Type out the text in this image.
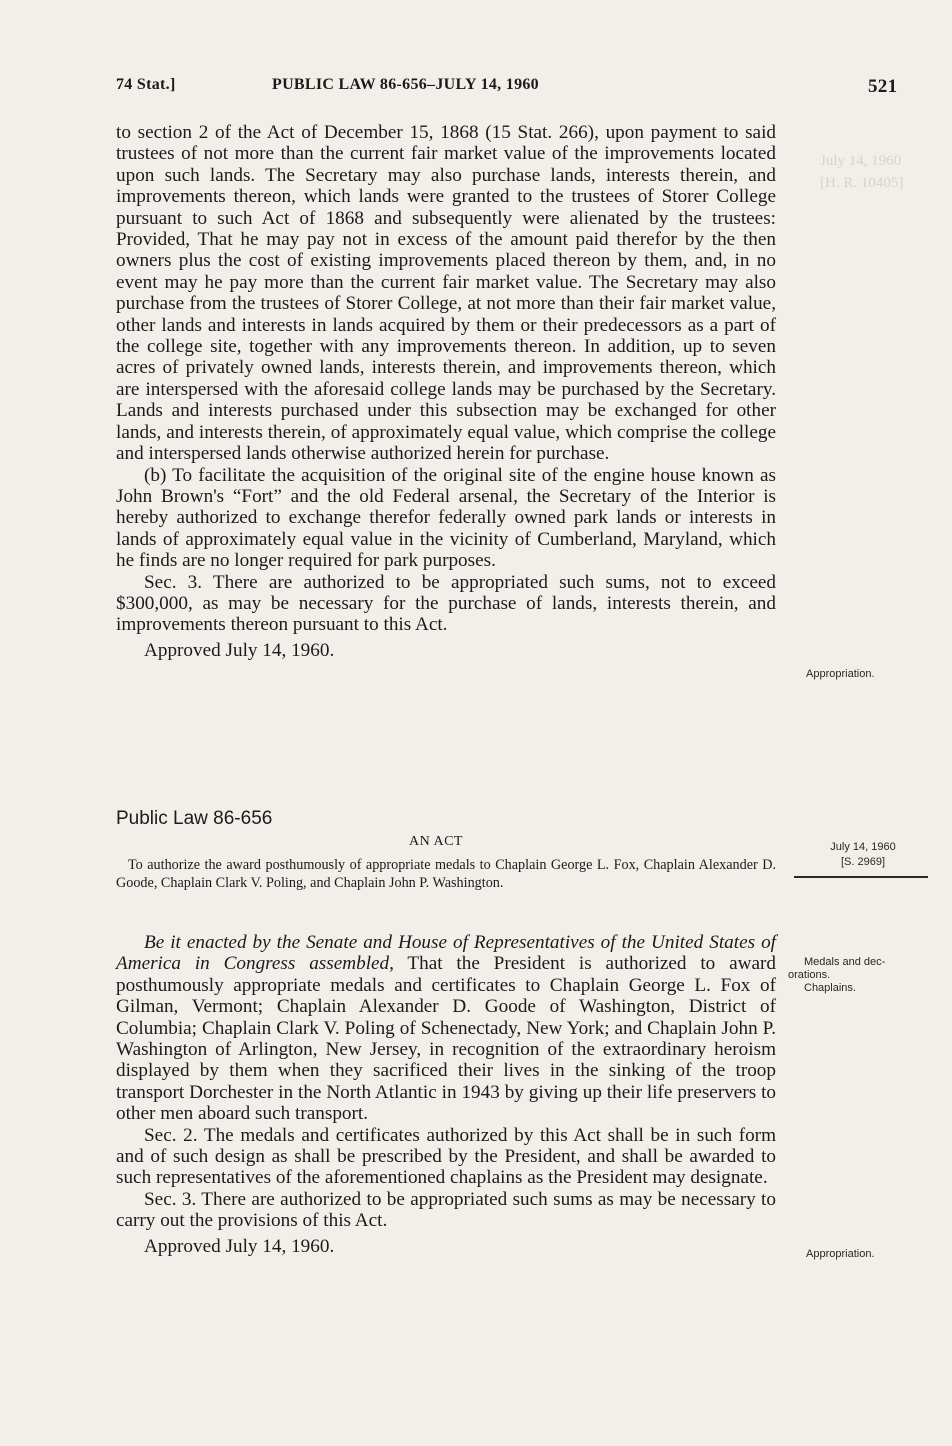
July 14, 1960
[H. R. 10405]
74 Stat.]	PUBLIC LAW 86-656–JULY 14, 1960	521

to section 2 of the Act of December 15, 1868 (15 Stat. 266), upon payment to said trustees of not more than the current fair market value of the improvements located upon such lands. The Secretary may also purchase lands, interests therein, and improvements thereon, which lands were granted to the trustees of Storer College pursuant to such Act of 1868 and subsequently were alienated by the trustees: Provided, That he may pay not in excess of the amount paid therefor by the then owners plus the cost of existing improvements placed thereon by them, and, in no event may he pay more than the current fair market value. The Secretary may also purchase from the trustees of Storer College, at not more than their fair market value, other lands and interests in lands acquired by them or their predecessors as a part of the college site, together with any improvements thereon. In addition, up to seven acres of privately owned lands, interests therein, and improvements thereon, which are interspersed with the aforesaid college lands may be purchased by the Secretary. Lands and interests purchased under this subsection may be exchanged for other lands, and interests therein, of approximately equal value, which comprise the college and interspersed lands otherwise authorized herein for purchase.

(b) To facilitate the acquisition of the original site of the engine house known as John Brown's “Fort” and the old Federal arsenal, the Secretary of the Interior is hereby authorized to exchange therefor federally owned park lands or interests in lands of approximately equal value in the vicinity of Cumberland, Maryland, which he finds are no longer required for park purposes.

Sec. 3. There are authorized to be appropriated such sums, not to exceed $300,000, as may be necessary for the purchase of lands, interests therein, and improvements thereon pursuant to this Act.

Approved July 14, 1960.

Public Law 86-656
AN ACT
To authorize the award posthumously of appropriate medals to Chaplain George L. Fox, Chaplain Alexander D. Goode, Chaplain Clark V. Poling, and Chaplain John P. Washington.

Be it enacted by the Senate and House of Representatives of the United States of America in Congress assembled, That the President is authorized to award posthumously appropriate medals and certificates to Chaplain George L. Fox of Gilman, Vermont; Chaplain Alexander D. Goode of Washington, District of Columbia; Chaplain Clark V. Poling of Schenectady, New York; and Chaplain John P. Washington of Arlington, New Jersey, in recognition of the extraordinary heroism displayed by them when they sacrificed their lives in the sinking of the troop transport Dorchester in the North Atlantic in 1943 by giving up their life preservers to other men aboard such transport.

Sec. 2. The medals and certificates authorized by this Act shall be in such form and of such design as shall be prescribed by the President, and shall be awarded to such representatives of the aforementioned chaplains as the President may designate.

Sec. 3. There are authorized to be appropriated such sums as may be necessary to carry out the provisions of this Act.

Approved July 14, 1960.

Appropriation.
July 14, 1960
[S. 2969]
Medals and dec-
orations.
Chaplains.
Appropriation.
